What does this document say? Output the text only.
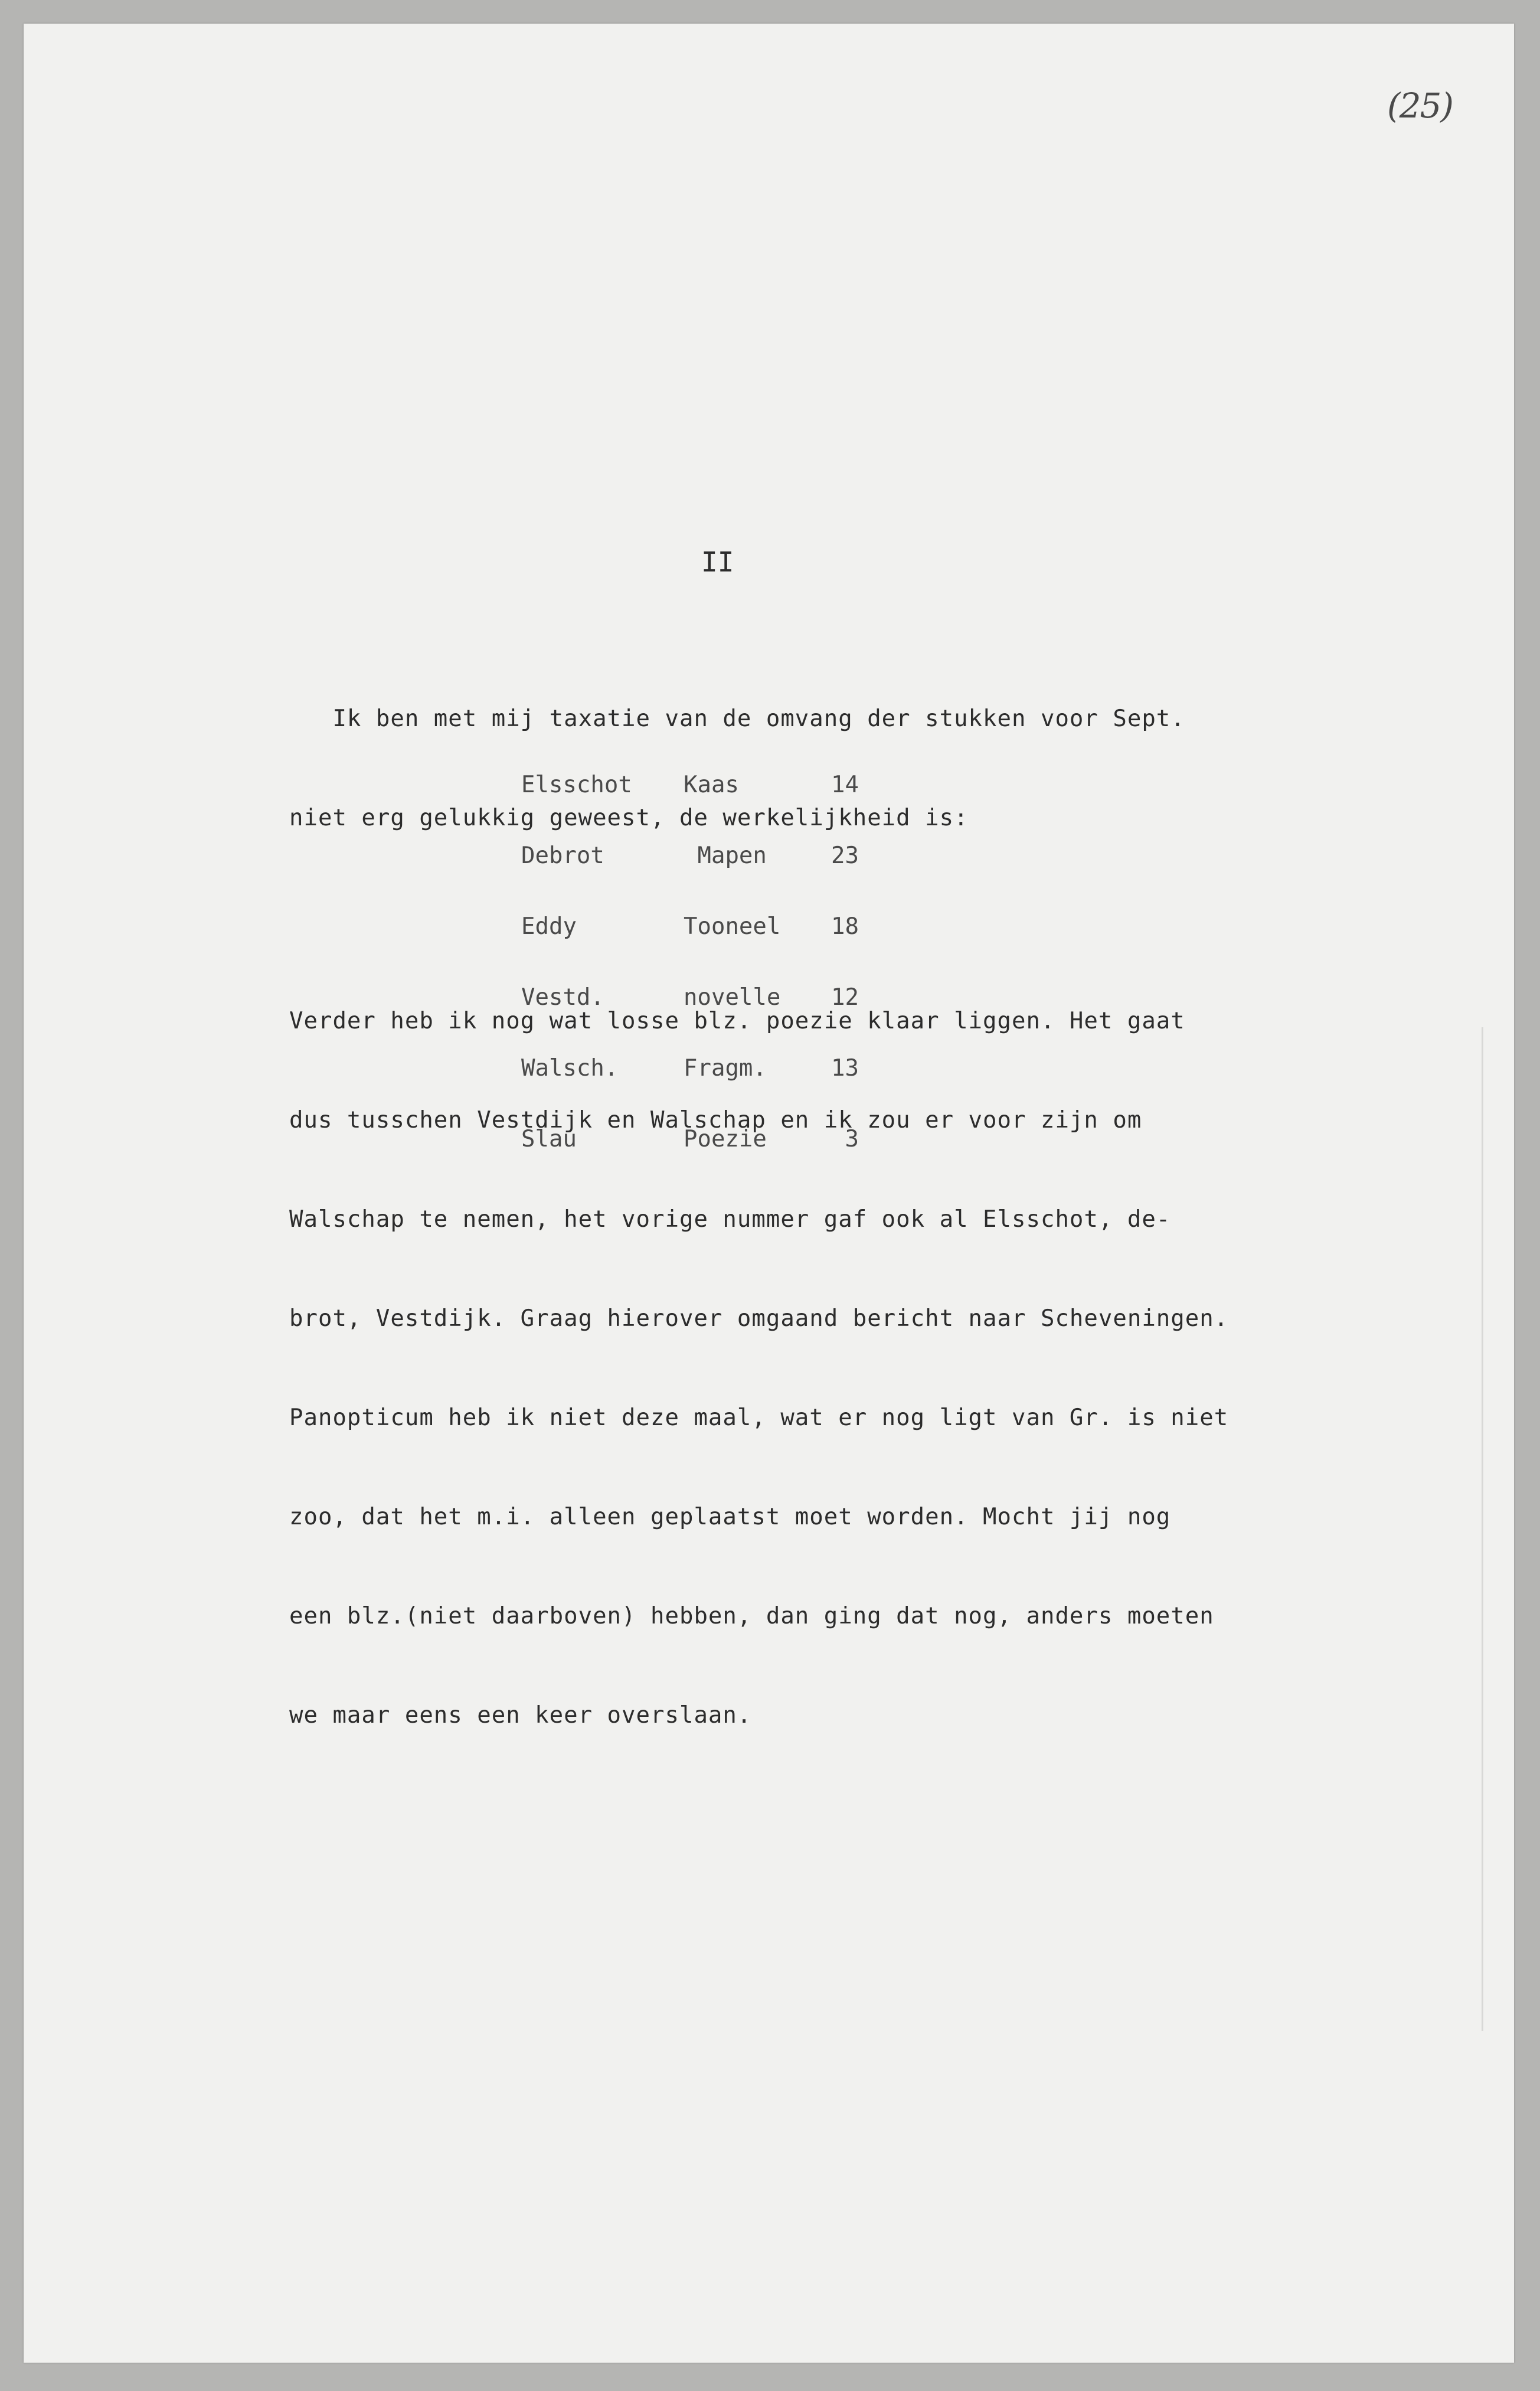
(25)
II

Ik ben met mij taxatie van de omvang der stukken voor Sept.

niet erg gelukkig geweest, de werkelijkheid is:

Elsschot	Kaas	14

Debrot	Mapen	23

Eddy	Tooneel	18

Vestd.	novelle	12

Walsch.	Fragm.	13

Slau	Poezie	3

Verder heb ik nog wat losse blz. poezie klaar liggen. Het gaat

dus tusschen Vestdijk en Walschap en ik zou er voor zijn om

Walschap te nemen, het vorige nummer gaf ook al Elsschot, de-

brot, Vestdijk. Graag hierover omgaand bericht naar Scheveningen.

Panopticum heb ik niet deze maal, wat er nog ligt van Gr. is niet

zoo, dat het m.i. alleen geplaatst moet worden. Mocht jij nog

een blz.(niet daarboven) hebben, dan ging dat nog, anders moeten

we maar eens een keer overslaan.
